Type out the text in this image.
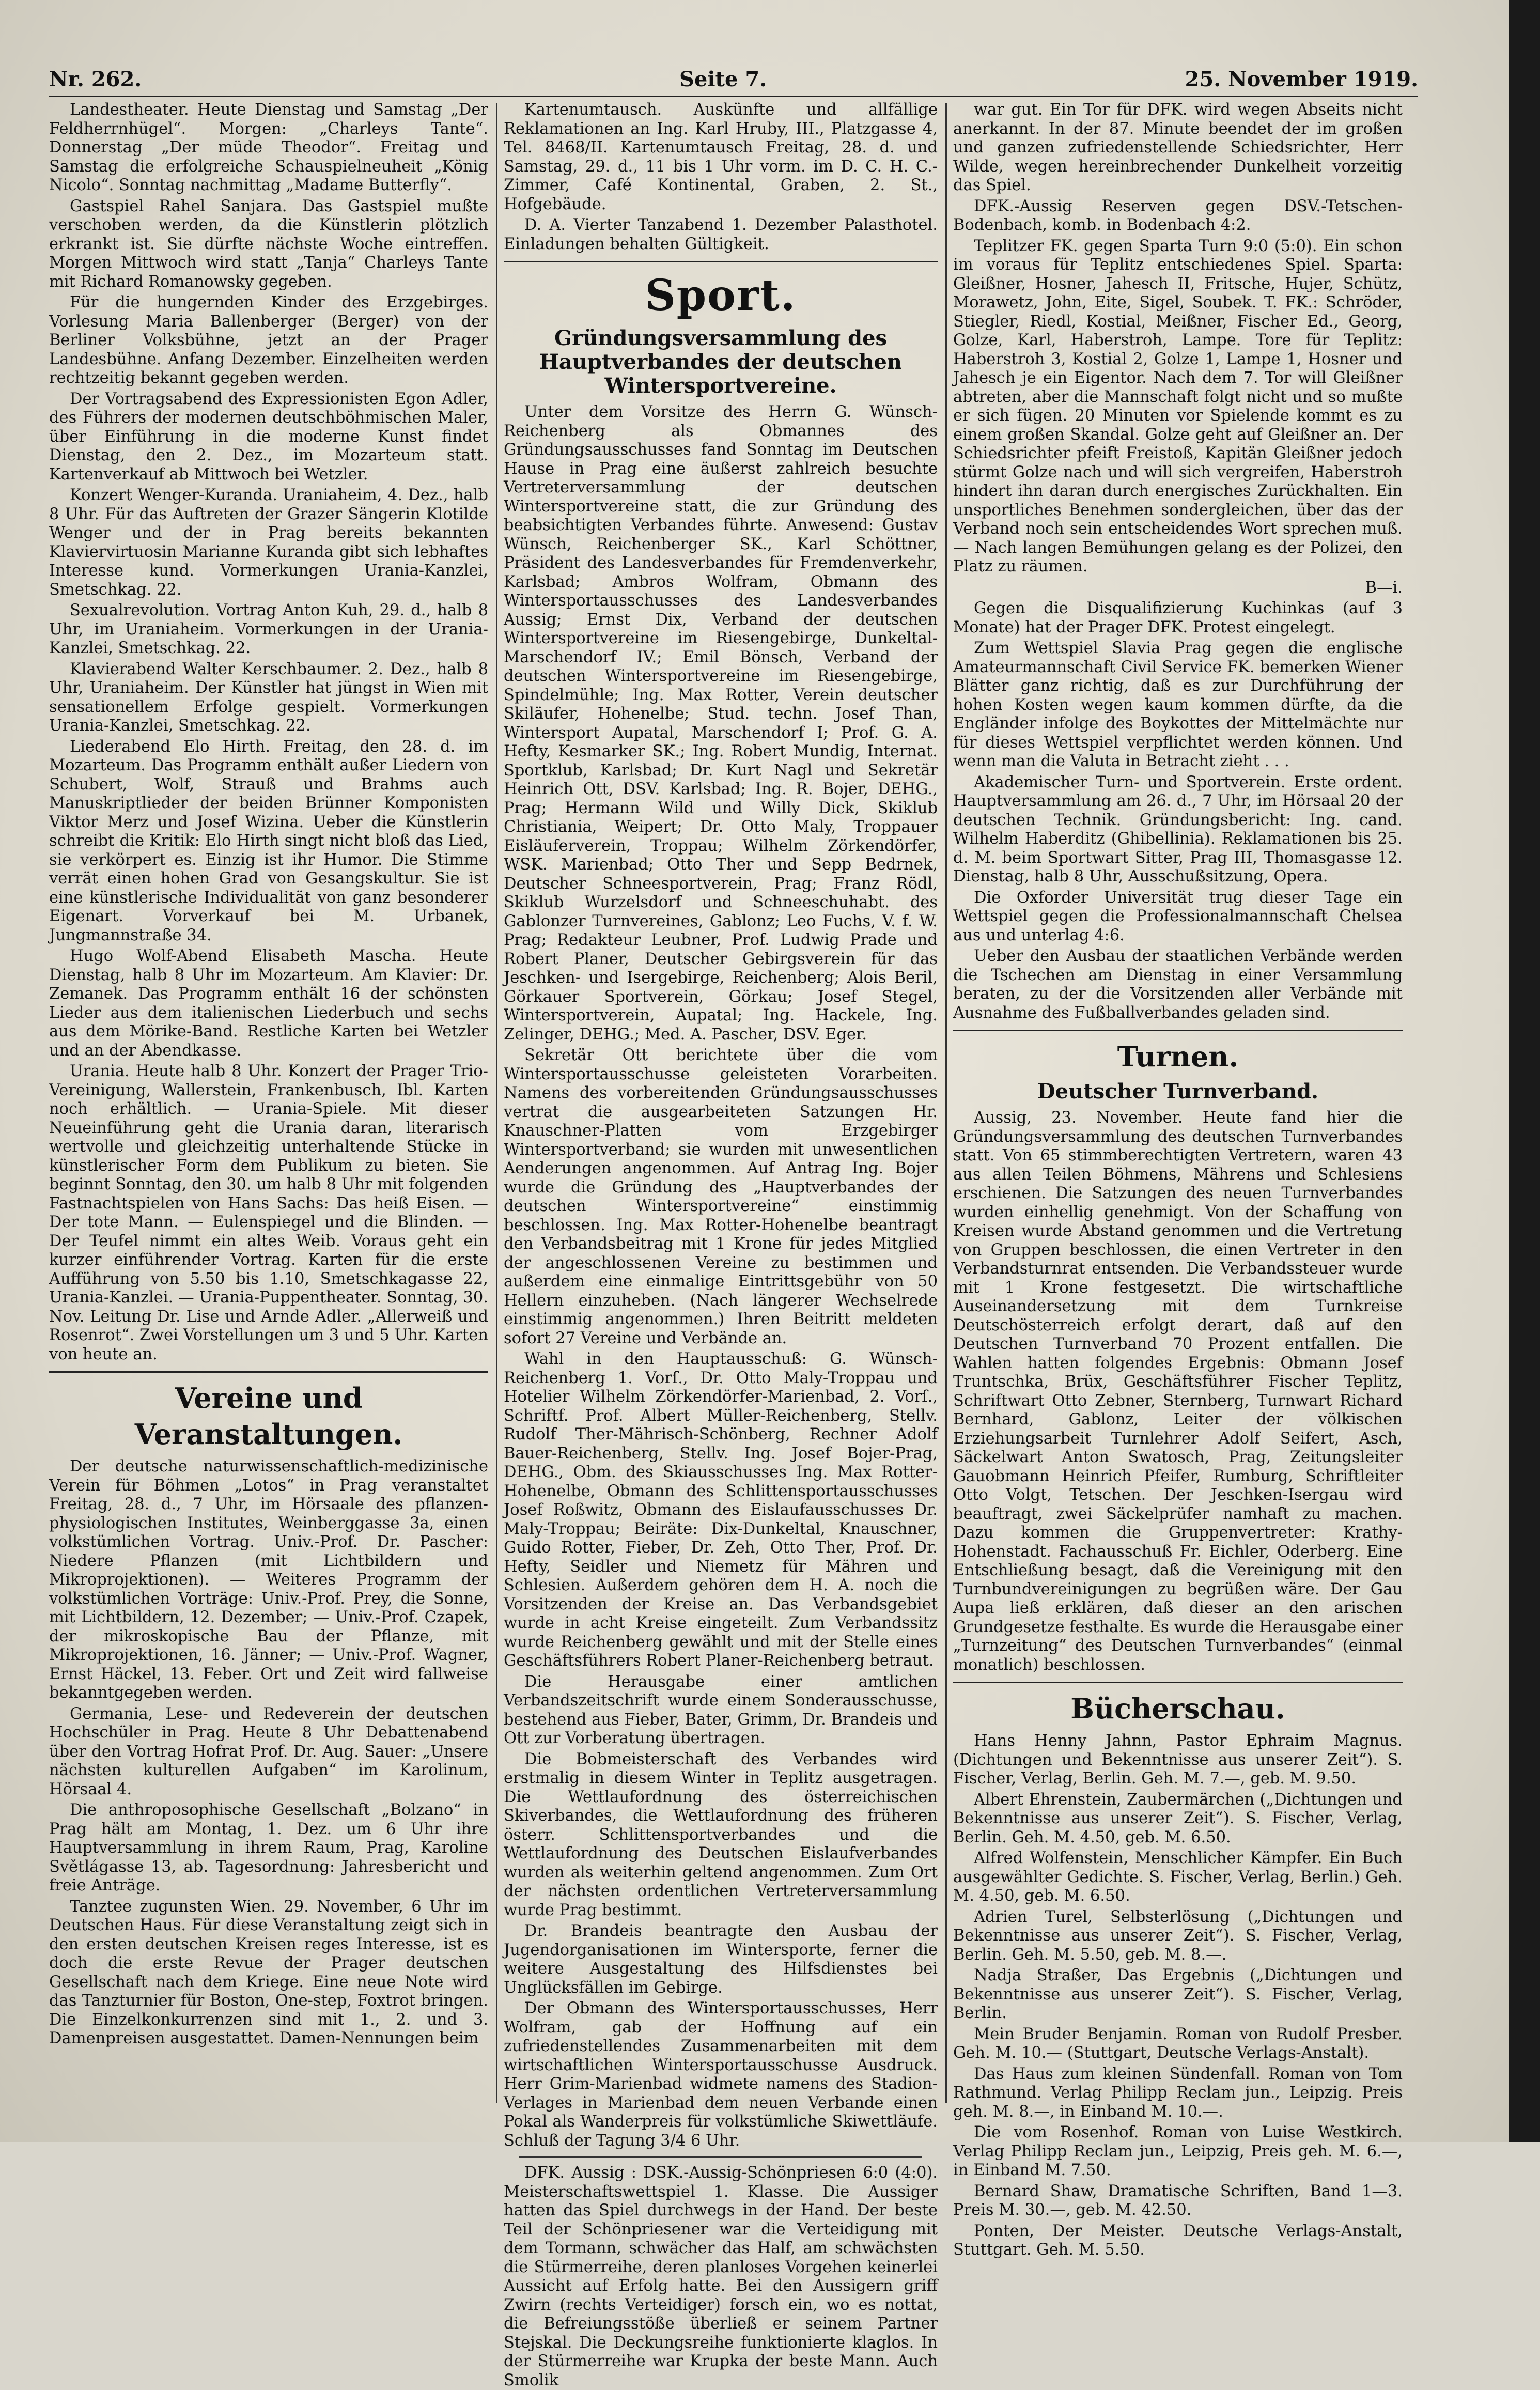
Nr. 262.	Seite 7.	25. November 1919.

Landestheater. Heute Dienstag und Samstag „Der Feldherrnhügel“. Morgen: „Charleys Tante“. Donnerstag „Der müde Theodor“. Freitag und Samstag die erfolgreiche Schauspielneuheit „König Nicolo“. Sonntag nachmittag „Madame Butterfly“.

Gastspiel Rahel Sanjara. Das Gastspiel mußte verschoben werden, da die Künstlerin plötzlich erkrankt ist. Sie dürfte nächste Woche eintreffen. Morgen Mittwoch wird statt „Tanja“ Charleys Tante mit Richard Romanowsky gegeben.

Für die hungernden Kinder des Erzgebirges. Vorlesung Maria Ballenberger (Berger) von der Berliner Volksbühne, jetzt an der Prager Landesbühne. Anfang Dezember. Einzelheiten werden rechtzeitig bekannt gegeben werden.

Der Vortragsabend des Expressionisten Egon Adler, des Führers der modernen deutschböhmischen Maler, über Einführung in die moderne Kunst findet Dienstag, den 2. Dez., im Mozarteum statt. Kartenverkauf ab Mittwoch bei Wetzler.

Konzert Wenger-Kuranda. Uraniaheim, 4. Dez., halb 8 Uhr. Für das Auftreten der Grazer Sängerin Klotilde Wenger und der in Prag bereits bekannten Klaviervirtuosin Marianne Kuranda gibt sich lebhaftes Interesse kund. Vormerkungen Urania-Kanzlei, Smetschkag. 22.

Sexualrevolution. Vortrag Anton Kuh, 29. d., halb 8 Uhr, im Uraniaheim. Vormerkungen in der Urania-Kanzlei, Smetschkag. 22.

Klavierabend Walter Kerschbaumer. 2. Dez., halb 8 Uhr, Uraniaheim. Der Künstler hat jüngst in Wien mit sensationellem Erfolge gespielt. Vormerkungen Urania-Kanzlei, Smetschkag. 22.

Liederabend Elo Hirth. Freitag, den 28. d. im Mozarteum. Das Programm enthält außer Liedern von Schubert, Wolf, Strauß und Brahms auch Manuskriptlieder der beiden Brünner Komponisten Viktor Merz und Josef Wizina. Ueber die Künstlerin schreibt die Kritik: Elo Hirth singt nicht bloß das Lied, sie verkörpert es. Einzig ist ihr Humor. Die Stimme verrät einen hohen Grad von Gesangskultur. Sie ist eine künstlerische Individualität von ganz besonderer Eigenart. Vorverkauf bei M. Urbanek, Jungmannstraße 34.

Hugo Wolf-Abend Elisabeth Mascha. Heute Dienstag, halb 8 Uhr im Mozarteum. Am Klavier: Dr. Zemanek. Das Programm enthält 16 der schönsten Lieder aus dem italienischen Liederbuch und sechs aus dem Mörike-Band. Restliche Karten bei Wetzler und an der Abendkasse.

Urania. Heute halb 8 Uhr. Konzert der Prager Trio-Vereinigung, Wallerstein, Frankenbusch, Ibl. Karten noch erhältlich. — Urania-Spiele. Mit dieser Neueinführung geht die Urania daran, literarisch wertvolle und gleichzeitig unterhaltende Stücke in künstlerischer Form dem Publikum zu bieten. Sie beginnt Sonntag, den 30. um halb 8 Uhr mit folgenden Fastnachtspielen von Hans Sachs: Das heiß Eisen. — Der tote Mann. — Eulenspiegel und die Blinden. — Der Teufel nimmt ein altes Weib. Voraus geht ein kurzer einführender Vortrag. Karten für die erste Aufführung von 5.50 bis 1.10, Smetschkagasse 22, Urania-Kanzlei. — Urania-Puppentheater. Sonntag, 30. Nov. Leitung Dr. Lise und Arnde Adler. „Allerweiß und Rosenrot“. Zwei Vorstellungen um 3 und 5 Uhr. Karten von heute an.

Vereine und Veranstaltungen.

Der deutsche naturwissenschaftlich-medizinische Verein für Böhmen „Lotos“ in Prag veranstaltet Freitag, 28. d., 7 Uhr, im Hörsaale des pflanzen-physiologischen Institutes, Weinberggasse 3a, einen volkstümlichen Vortrag. Univ.-Prof. Dr. Pascher: Niedere Pflanzen (mit Lichtbildern und Mikroprojektionen). — Weiteres Programm der volkstümlichen Vorträge: Univ.-Prof. Prey, die Sonne, mit Lichtbildern, 12. Dezember; — Univ.-Prof. Czapek, der mikroskopische Bau der Pflanze, mit Mikroprojektionen, 16. Jänner; — Univ.-Prof. Wagner, Ernst Häckel, 13. Feber. Ort und Zeit wird fallweise bekanntgegeben werden.

Germania, Lese- und Redeverein der deutschen Hochschüler in Prag. Heute 8 Uhr Debattenabend über den Vortrag Hofrat Prof. Dr. Aug. Sauer: „Unsere nächsten kulturellen Aufgaben“ im Karolinum, Hörsaal 4.

Die anthroposophische Gesellschaft „Bolzano“ in Prag hält am Montag, 1. Dez. um 6 Uhr ihre Hauptversammlung in ihrem Raum, Prag, Karoline Světlágasse 13, ab. Tagesordnung: Jahresbericht und freie Anträge.

Tanztee zugunsten Wien. 29. November, 6 Uhr im Deutschen Haus. Für diese Veranstaltung zeigt sich in den ersten deutschen Kreisen reges Interesse, ist es doch die erste Revue der Prager deutschen Gesellschaft nach dem Kriege. Eine neue Note wird das Tanzturnier für Boston, One-step, Foxtrot bringen. Die Einzelkonkurrenzen sind mit 1., 2. und 3. Damenpreisen ausgestattet. Damen-Nennungen beim

Kartenumtausch. Auskünfte und allfällige Reklamationen an Ing. Karl Hruby, III., Platzgasse 4, Tel. 8468/II. Kartenumtausch Freitag, 28. d. und Samstag, 29. d., 11 bis 1 Uhr vorm. im D. C. H. C.-Zimmer, Café Kontinental, Graben, 2. St., Hofgebäude.

D. A. Vierter Tanzabend 1. Dezember Palasthotel. Einladungen behalten Gültigkeit.

Sport.
Gründungsversammlung des Hauptverbandes der deutschen Wintersportvereine.

Unter dem Vorsitze des Herrn G. Wünsch-Reichenberg als Obmannes des Gründungsausschusses fand Sonntag im Deutschen Hause in Prag eine äußerst zahlreich besuchte Vertreterversammlung der deutschen Wintersportvereine statt, die zur Gründung des beabsichtigten Verbandes führte. Anwesend: Gustav Wünsch, Reichenberger SK., Karl Schöttner, Präsident des Landesverbandes für Fremdenverkehr, Karlsbad; Ambros Wolfram, Obmann des Wintersportausschusses des Landesverbandes Aussig; Ernst Dix, Verband der deutschen Wintersportvereine im Riesengebirge, Dunkeltal-Marschendorf IV.; Emil Bönsch, Verband der deutschen Wintersportvereine im Riesengebirge, Spindelmühle; Ing. Max Rotter, Verein deutscher Skiläufer, Hohenelbe; Stud. techn. Josef Than, Wintersport Aupatal, Marschendorf I; Prof. G. A. Hefty, Kesmarker SK.; Ing. Robert Mundig, Internat. Sportklub, Karlsbad; Dr. Kurt Nagl und Sekretär Heinrich Ott, DSV. Karlsbad; Ing. R. Bojer, DEHG., Prag; Hermann Wild und Willy Dick, Skiklub Christiania, Weipert; Dr. Otto Maly, Troppauer Eisläuferverein, Troppau; Wilhelm Zörkendörfer, WSK. Marienbad; Otto Ther und Sepp Bedrnek, Deutscher Schneesportverein, Prag; Franz Rödl, Skiklub Wurzelsdorf und Schneeschuhabt. des Gablonzer Turnvereines, Gablonz; Leo Fuchs, V. f. W. Prag; Redakteur Leubner, Prof. Ludwig Prade und Robert Planer, Deutscher Gebirgsverein für das Jeschken- und Isergebirge, Reichenberg; Alois Beril, Görkauer Sportverein, Görkau; Josef Stegel, Wintersportverein, Aupatal; Ing. Hackele, Ing. Zelinger, DEHG.; Med. A. Pascher, DSV. Eger.

Sekretär Ott berichtete über die vom Wintersportausschusse geleisteten Vorarbeiten. Namens des vorbereitenden Gründungsausschusses vertrat die ausgearbeiteten Satzungen Hr. Knauschner-Platten vom Erzgebirger Wintersportverband; sie wurden mit unwesentlichen Aenderungen angenommen. Auf Antrag Ing. Bojer wurde die Gründung des „Hauptverbandes der deutschen Wintersportvereine“ einstimmig beschlossen. Ing. Max Rotter-Hohenelbe beantragt den Verbandsbeitrag mit 1 Krone für jedes Mitglied der angeschlossenen Vereine zu bestimmen und außerdem eine einmalige Eintrittsgebühr von 50 Hellern einzuheben. (Nach längerer Wechselrede einstimmig angenommen.) Ihren Beitritt meldeten sofort 27 Vereine und Verbände an.

Wahl in den Hauptausschuß: G. Wünsch-Reichenberg 1. Vorſ., Dr. Otto Maly-Troppau und Hotelier Wilhelm Zörkendörfer-Marienbad, 2. Vorſ., Schriftf. Prof. Albert Müller-Reichenberg, Stellv. Rudolf Ther-Mährisch-Schönberg, Rechner Adolf Bauer-Reichenberg, Stellv. Ing. Josef Bojer-Prag, DEHG., Obm. des Skiausschusses Ing. Max Rotter-Hohenelbe, Obmann des Schlittensportausschusses Josef Roßwitz, Obmann des Eislaufausschusses Dr. Maly-Troppau; Beiräte: Dix-Dunkeltal, Knauschner, Guido Rotter, Fieber, Dr. Zeh, Otto Ther, Prof. Dr. Hefty, Seidler und Niemetz für Mähren und Schlesien. Außerdem gehören dem H. A. noch die Vorsitzenden der Kreise an. Das Verbandsgebiet wurde in acht Kreise eingeteilt. Zum Verbandssitz wurde Reichenberg gewählt und mit der Stelle eines Geschäftsführers Robert Planer-Reichenberg betraut.

Die Herausgabe einer amtlichen Verbandszeitschrift wurde einem Sonderausschusse, bestehend aus Fieber, Bater, Grimm, Dr. Brandeis und Ott zur Vorberatung übertragen.

Die Bobmeisterschaft des Verbandes wird erstmalig in diesem Winter in Teplitz ausgetragen. Die Wettlaufordnung des österreichischen Skiverbandes, die Wettlaufordnung des früheren österr. Schlittensportverbandes und die Wettlaufordnung des Deutschen Eislaufverbandes wurden als weiterhin geltend angenommen. Zum Ort der nächsten ordentlichen Vertreterversammlung wurde Prag bestimmt.

Dr. Brandeis beantragte den Ausbau der Jugendorganisationen im Wintersporte, ferner die weitere Ausgestaltung des Hilfsdienstes bei Unglücksfällen im Gebirge.

Der Obmann des Wintersportausschusses, Herr Wolfram, gab der Hoffnung auf ein zufriedenstellendes Zusammenarbeiten mit dem wirtschaftlichen Wintersportausschusse Ausdruck. Herr Grim-Marienbad widmete namens des Stadion-Verlages in Marienbad dem neuen Verbande einen Pokal als Wanderpreis für volkstümliche Skiwettläufe. Schluß der Tagung 3/4 6 Uhr.

DFK. Aussig : DSK.-Aussig-Schönpriesen 6:0 (4:0). Meisterschaftswettspiel 1. Klasse. Die Aussiger hatten das Spiel durchwegs in der Hand. Der beste Teil der Schönpriesener war die Verteidigung mit dem Tormann, schwächer das Half, am schwächsten die Stürmerreihe, deren planloses Vorgehen keinerlei Aussicht auf Erfolg hatte. Bei den Aussigern griff Zwirn (rechts Verteidiger) forsch ein, wo es nottat, die Befreiungsstöße überließ er seinem Partner Stejskal. Die Deckungsreihe funktionierte klaglos. In der Stürmerreihe war Krupka der beste Mann. Auch Smolik

war gut. Ein Tor für DFK. wird wegen Abseits nicht anerkannt. In der 87. Minute beendet der im großen und ganzen zufriedenstellende Schiedsrichter, Herr Wilde, wegen hereinbrechender Dunkelheit vorzeitig das Spiel.

DFK.-Aussig Reserven gegen DSV.-Tetschen-Bodenbach, komb. in Bodenbach 4:2.

Teplitzer FK. gegen Sparta Turn 9:0 (5:0). Ein schon im voraus für Teplitz entschiedenes Spiel. Sparta: Gleißner, Hosner, Jahesch II, Fritsche, Hujer, Schütz, Morawetz, John, Eite, Sigel, Soubek. T. FK.: Schröder, Stiegler, Riedl, Kostial, Meißner, Fischer Ed., Georg, Golze, Karl, Haberstroh, Lampe. Tore für Teplitz: Haberstroh 3, Kostial 2, Golze 1, Lampe 1, Hosner und Jahesch je ein Eigentor. Nach dem 7. Tor will Gleißner abtreten, aber die Mannschaft folgt nicht und so mußte er sich fügen. 20 Minuten vor Spielende kommt es zu einem großen Skandal. Golze geht auf Gleißner an. Der Schiedsrichter pfeift Freistoß, Kapitän Gleißner jedoch stürmt Golze nach und will sich vergreifen, Haberstroh hindert ihn daran durch energisches Zurückhalten. Ein unsportliches Benehmen sondergleichen, über das der Verband noch sein entscheidendes Wort sprechen muß. — Nach langen Bemühungen gelang es der Polizei, den Platz zu räumen.

B—i.

Gegen die Disqualifizierung Kuchinkas (auf 3 Monate) hat der Prager DFK. Protest eingelegt.

Zum Wettspiel Slavia Prag gegen die englische Amateurmannschaft Civil Service FK. bemerken Wiener Blätter ganz richtig, daß es zur Durchführung der hohen Kosten wegen kaum kommen dürfte, da die Engländer infolge des Boykottes der Mittelmächte nur für dieses Wettspiel verpflichtet werden können. Und wenn man die Valuta in Betracht zieht . . .

Akademischer Turn- und Sportverein. Erste ordent. Hauptversammlung am 26. d., 7 Uhr, im Hörsaal 20 der deutschen Technik. Gründungsbericht: Ing. cand. Wilhelm Haberditz (Ghibellinia). Reklamationen bis 25. d. M. beim Sportwart Sitter, Prag III, Thomasgasse 12. Dienstag, halb 8 Uhr, Ausschußsitzung, Opera.

Die Oxforder Universität trug dieser Tage ein Wettspiel gegen die Professionalmannschaft Chelsea aus und unterlag 4:6.

Ueber den Ausbau der staatlichen Verbände werden die Tschechen am Dienstag in einer Versammlung beraten, zu der die Vorsitzenden aller Verbände mit Ausnahme des Fußballverbandes geladen sind.

Turnen.
Deutscher Turnverband.

Aussig, 23. November. Heute fand hier die Gründungsversammlung des deutschen Turnverbandes statt. Von 65 stimmberechtigten Vertretern, waren 43 aus allen Teilen Böhmens, Mährens und Schlesiens erschienen. Die Satzungen des neuen Turnverbandes wurden einhellig genehmigt. Von der Schaffung von Kreisen wurde Abstand genommen und die Vertretung von Gruppen beschlossen, die einen Vertreter in den Verbandsturnrat entsenden. Die Verbandssteuer wurde mit 1 Krone festgesetzt. Die wirtschaftliche Auseinandersetzung mit dem Turnkreise Deutschösterreich erfolgt derart, daß auf den Deutschen Turnverband 70 Prozent entfallen. Die Wahlen hatten folgendes Ergebnis: Obmann Josef Truntschka, Brüx, Geschäftsführer Fischer Teplitz, Schriftwart Otto Zebner, Sternberg, Turnwart Richard Bernhard, Gablonz, Leiter der völkischen Erziehungsarbeit Turnlehrer Adolf Seifert, Asch, Säckelwart Anton Swatosch, Prag, Zeitungsleiter Gauobmann Heinrich Pfeifer, Rumburg, Schriftleiter Otto Volgt, Tetschen. Der Jeschken-Isergau wird beauftragt, zwei Säckelprüfer namhaft zu machen. Dazu kommen die Gruppenvertreter: Krathy-Hohenstadt. Fachausschuß Fr. Eichler, Oderberg. Eine Entschließung besagt, daß die Vereinigung mit den Turnbundvereinigungen zu begrüßen wäre. Der Gau Aupa ließ erklären, daß dieser an den arischen Grundgesetze festhalte. Es wurde die Herausgabe einer „Turnzeitung“ des Deutschen Turnverbandes“ (einmal monatlich) beschlossen.

Bücherschau.

Hans Henny Jahnn, Pastor Ephraim Magnus. (Dichtungen und Bekenntnisse aus unserer Zeit“). S. Fischer, Verlag, Berlin. Geh. M. 7.—, geb. M. 9.50.

Albert Ehrenstein, Zaubermärchen („Dichtungen und Bekenntnisse aus unserer Zeit“). S. Fischer, Verlag, Berlin. Geh. M. 4.50, geb. M. 6.50.

Alfred Wolfenstein, Menschlicher Kämpfer. Ein Buch ausgewählter Gedichte. S. Fischer, Verlag, Berlin.) Geh. M. 4.50, geb. M. 6.50.

Adrien Turel, Selbsterlösung („Dichtungen und Bekenntnisse aus unserer Zeit“). S. Fischer, Verlag, Berlin. Geh. M. 5.50, geb. M. 8.—.

Nadja Straßer, Das Ergebnis („Dichtungen und Bekenntnisse aus unserer Zeit“). S. Fischer, Verlag, Berlin.

Mein Bruder Benjamin. Roman von Rudolf Presber. Geh. M. 10.— (Stuttgart, Deutsche Verlags-Anstalt).

Das Haus zum kleinen Sündenfall. Roman von Tom Rathmund. Verlag Philipp Reclam jun., Leipzig. Preis geh. M. 8.—, in Einband M. 10.—.

Die vom Rosenhof. Roman von Luise Westkirch. Verlag Philipp Reclam jun., Leipzig, Preis geh. M. 6.—, in Einband M. 7.50.

Bernard Shaw, Dramatische Schriften, Band 1—3. Preis M. 30.—, geb. M. 42.50.

Ponten, Der Meister. Deutsche Verlags-Anstalt, Stuttgart. Geh. M. 5.50.
